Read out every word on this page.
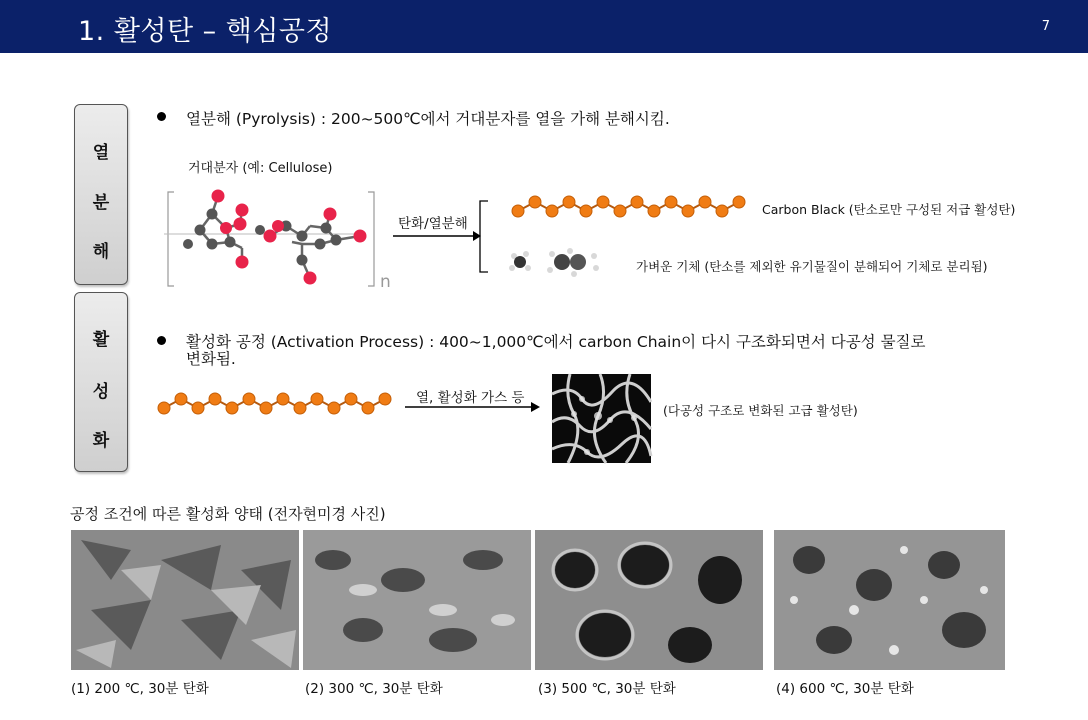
1. 활성탄 – 핵심공정	7
열
분
해
활
성
화
열분해 (Pyrolysis) : 200~500℃에서 거대분자를 열을 가해 분해시킴.
거대분자 (예: Cellulose)
n
탄화/열분해
Carbon Black (탄소로만 구성된 저급 활성탄)
가벼운 기체 (탄소를 제외한 유기물질이 분해되어 기체로 분리됨)
활성화 공정 (Activation Process) : 400~1,000℃에서 carbon Chain이 다시 구조화되면서 다공성 물질로
변화됨.
열, 활성화 가스 등
(다공성 구조로 변화된 고급 활성탄)
공정 조건에 따른 활성화 양태 (전자현미경 사진)
(1) 200 ℃, 30분 탄화	(2) 300 ℃, 30분 탄화	(3) 500 ℃, 30분 탄화	(4) 600 ℃, 30분 탄화
